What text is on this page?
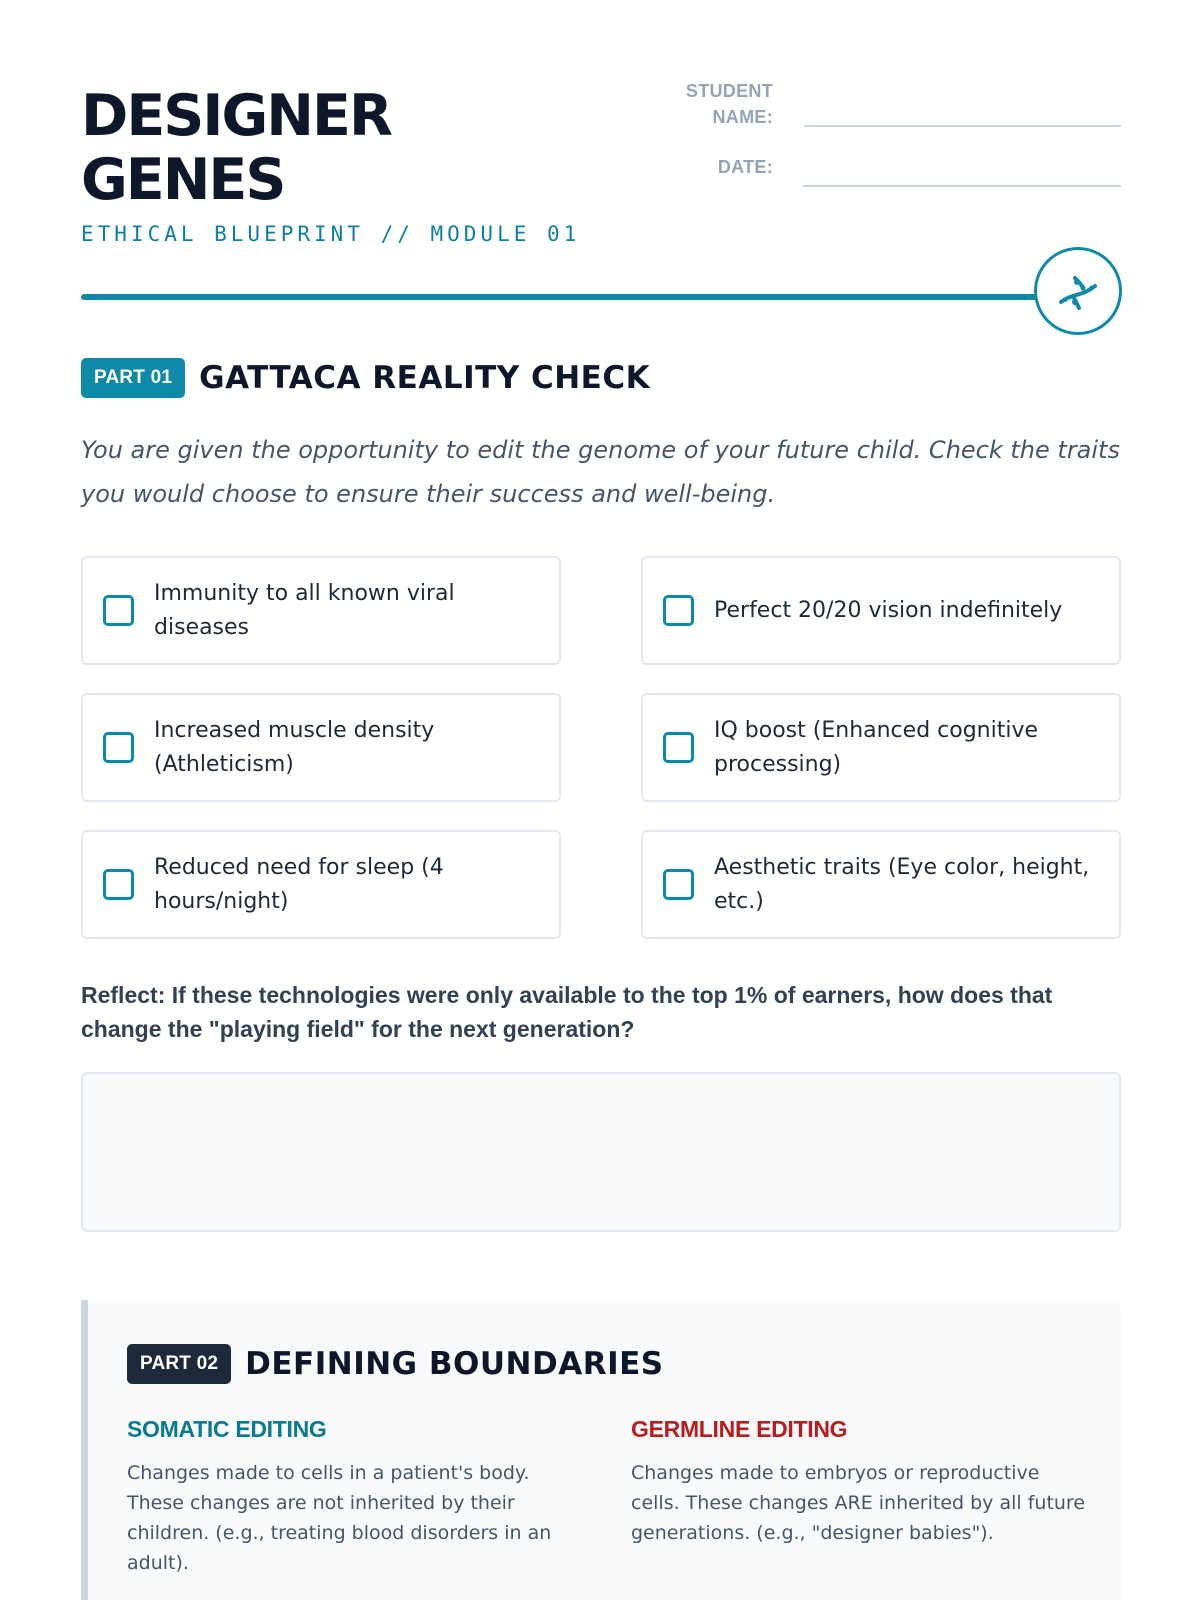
DESIGNER
GENES
ETHICAL BLUEPRINT // MODULE 01
STUDENT
NAME:
DATE:
PART 01 GATTACA REALITY CHECK

You are given the opportunity to edit the genome of your future child. Check the traits you would choose to ensure their success and well-being.

Immunity to all known viral diseases
Perfect 20/20 vision indefinitely
Increased muscle density (Athleticism)
IQ boost (Enhanced cognitive processing)
Reduced need for sleep (4 hours/night)
Aesthetic traits (Eye color, height, etc.)

Reflect: If these technologies were only available to the top 1% of earners, how does that change the "playing field" for the next generation?

PART 02 DEFINING BOUNDARIES
SOMATIC EDITING

Changes made to cells in a patient's body. These changes are not inherited by their children. (e.g., treating blood disorders in an adult).

GERMLINE EDITING

Changes made to embryos or reproductive cells. These changes ARE inherited by all future generations. (e.g., "designer babies").
